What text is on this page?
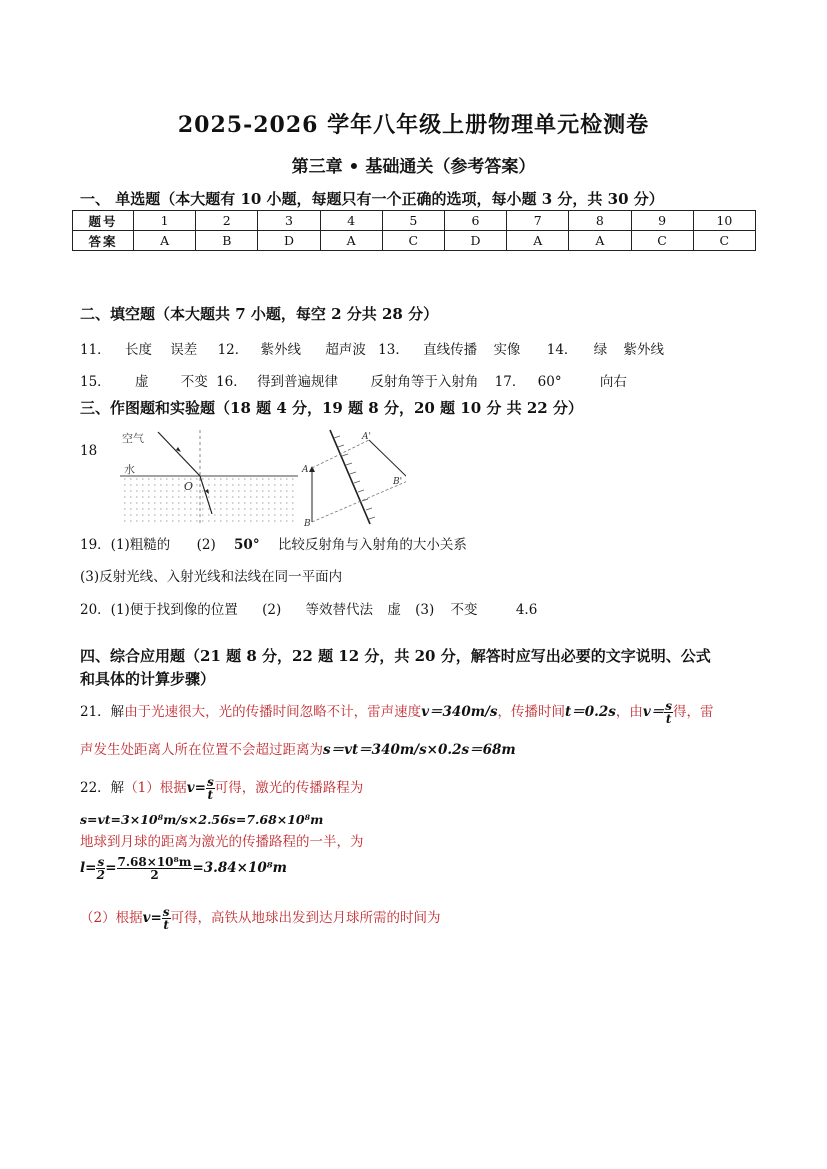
2025-2026 学年八年级上册物理单元检测卷
第三章 • 基础通关（参考答案）
一、 单选题（本大题有 10 小题，每题只有一个正确的选项，每小题 3 分，共 30 分）
题号	1	2	3	4	5	6	7	8	9	10
答案	A	B	D	A	C	D	A	A	C	C
二、填空题（本大题共 7 小题，每空 2 分共 28 分）
11． 长度 误差 12． 紫外线 超声波 13． 直线传播 实像 14． 绿 紫外线
15． 虚 不变 16． 得到普遍规律 反射角等于入射角 17． 60°	向右
三、作图题和实验题（18 题 4 分，19 题 8 分，20 题 10 分 共 22 分）
18
空气
水
O
A
B
A'
B'
19．(1)粗糙的 (2) 50° 比较反射角与入射角的大小关系
(3)反射光线、入射光线和法线在同一平面内
20．(1)便于找到像的位置 (2) 等效替代法 虚 (3) 不变	4.6
四、综合应用题（21 题 8 分，22 题 12 分，共 20 分，解答时应写出必要的文字说明、公式
和具体的计算步骤）
21．解由于光速很大，光的传播时间忽略不计，雷声速度v＝340m/s，传播时间t＝0.2s，由$v= \frac{s}{t}$ 得，雷
声发生处距离人所在位置不会超过距离为s＝vt＝340m/s×0.2s＝68m
22．解（1）根据$v= \frac{s}{t}$ 可得，激光的传播路程为
s=vt=3×10⁸m/s×2.56s=7.68×10⁸m
地球到月球的距离为激光的传播路程的一半，为
$l= \frac{s}{2} = \frac{\text{7.68×10⁸m}}{2} =3.84\times 10^8m$
（2）根据$v= \frac{s}{t}$ 可得，高铁从地球出发到达月球所需的时间为
